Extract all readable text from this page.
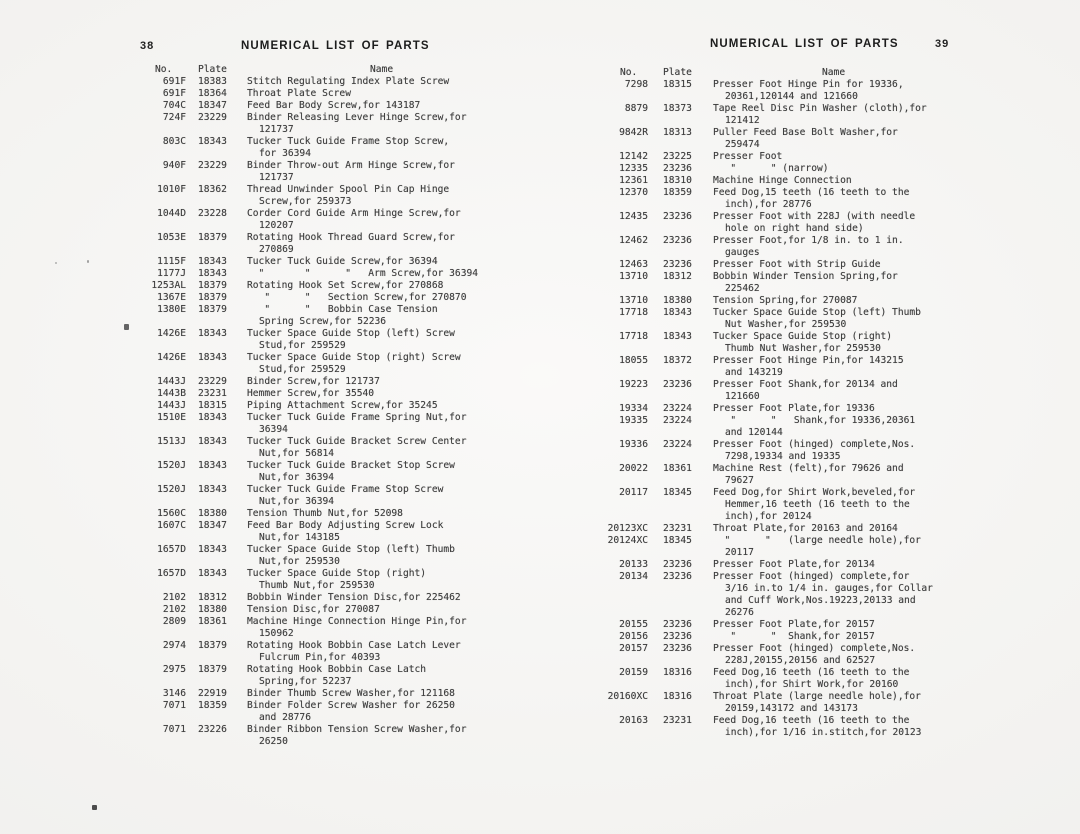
38	NUMERICAL LIST OF PARTS
No.	Plate	Name
691F 18383	Stitch Regulating Index Plate Screw
691F 18364	Throat Plate Screw
704C 18347	Feed Bar Body Screw,for 143187
724F 23229	Binder Releasing Lever Hinge Screw,for
121737
803C 18343	Tucker Tuck Guide Frame Stop Screw,
for 36394
940F 23229	Binder Throw-out Arm Hinge Screw,for
121737
1010F 18362	Thread Unwinder Spool Pin Cap Hinge
Screw,for 259373
1044D 23228	Corder Cord Guide Arm Hinge Screw,for
120207
1053E 18379	Rotating Hook Thread Guard Screw,for
270869
1115F 18343	Tucker Tuck Guide Screw,for 36394
1177J 18343	"       "      "   Arm Screw,for 36394
1253AL 18379	Rotating Hook Set Screw,for 270868
1367E 18379	"      "   Section Screw,for 270870
1380E 18379	"      "   Bobbin Case Tension
Spring Screw,for 52236
1426E 18343	Tucker Space Guide Stop (left) Screw
Stud,for 259529
1426E 18343	Tucker Space Guide Stop (right) Screw
Stud,for 259529
1443J 23229	Binder Screw,for 121737
1443B 23231	Hemmer Screw,for 35540
1443J 18315	Piping Attachment Screw,for 35245
1510E 18343	Tucker Tuck Guide Frame Spring Nut,for
36394
1513J 18343	Tucker Tuck Guide Bracket Screw Center
Nut,for 56814
1520J 18343	Tucker Tuck Guide Bracket Stop Screw
Nut,for 36394
1520J 18343	Tucker Tuck Guide Frame Stop Screw
Nut,for 36394
1560C 18380	Tension Thumb Nut,for 52098
1607C 18347	Feed Bar Body Adjusting Screw Lock
Nut,for 143185
1657D 18343	Tucker Space Guide Stop (left) Thumb
Nut,for 259530
1657D 18343	Tucker Space Guide Stop (right)
Thumb Nut,for 259530
2102 18312	Bobbin Winder Tension Disc,for 225462
2102 18380	Tension Disc,for 270087
2809 18361	Machine Hinge Connection Hinge Pin,for
150962
2974 18379	Rotating Hook Bobbin Case Latch Lever
Fulcrum Pin,for 40393
2975 18379	Rotating Hook Bobbin Case Latch
Spring,for 52237
3146 22919	Binder Thumb Screw Washer,for 121168
7071 18359	Binder Folder Screw Washer for 26250
and 28776
7071 23226	Binder Ribbon Tension Screw Washer,for
26250
NUMERICAL LIST OF PARTS	39
No.	Plate	Name
7298 18315	Presser Foot Hinge Pin for 19336,
20361,120144 and 121660
8879 18373	Tape Reel Disc Pin Washer (cloth),for
121412
9842R 18313	Puller Feed Base Bolt Washer,for
259474
12142 23225	Presser Foot
12335 23236	"      " (narrow)
12361 18310	Machine Hinge Connection
12370 18359	Feed Dog,15 teeth (16 teeth to the
inch),for 28776
12435 23236	Presser Foot with 228J (with needle
hole on right hand side)
12462 23236	Presser Foot,for 1/8 in. to 1 in.
gauges
12463 23236	Presser Foot with Strip Guide
13710 18312	Bobbin Winder Tension Spring,for
225462
13710 18380	Tension Spring,for 270087
17718 18343	Tucker Space Guide Stop (left) Thumb
Nut Washer,for 259530
17718 18343	Tucker Space Guide Stop (right)
Thumb Nut Washer,for 259530
18055 18372	Presser Foot Hinge Pin,for 143215
and 143219
19223 23236	Presser Foot Shank,for 20134 and
121660
19334 23224	Presser Foot Plate,for 19336
19335 23224	"      "   Shank,for 19336,20361
and 120144
19336 23224	Presser Foot (hinged) complete,Nos.
7298,19334 and 19335
20022 18361	Machine Rest (felt),for 79626 and
79627
20117 18345	Feed Dog,for Shirt Work,beveled,for
Hemmer,16 teeth (16 teeth to the
inch),for 20124
20123XC 23231	Throat Plate,for 20163 and 20164
20124XC 18345	"      "   (large needle hole),for
20117
20133 23236	Presser Foot Plate,for 20134
20134 23236	Presser Foot (hinged) complete,for
3/16 in.to 1/4 in. gauges,for Collar
and Cuff Work,Nos.19223,20133 and
26276
20155 23236	Presser Foot Plate,for 20157
20156 23236	"      "  Shank,for 20157
20157 23236	Presser Foot (hinged) complete,Nos.
228J,20155,20156 and 62527
20159 18316	Feed Dog,16 teeth (16 teeth to the
inch),for Shirt Work,for 20160
20160XC 18316	Throat Plate (large needle hole),for
20159,143172 and 143173
20163 23231	Feed Dog,16 teeth (16 teeth to the
inch),for 1/16 in.stitch,for 20123
